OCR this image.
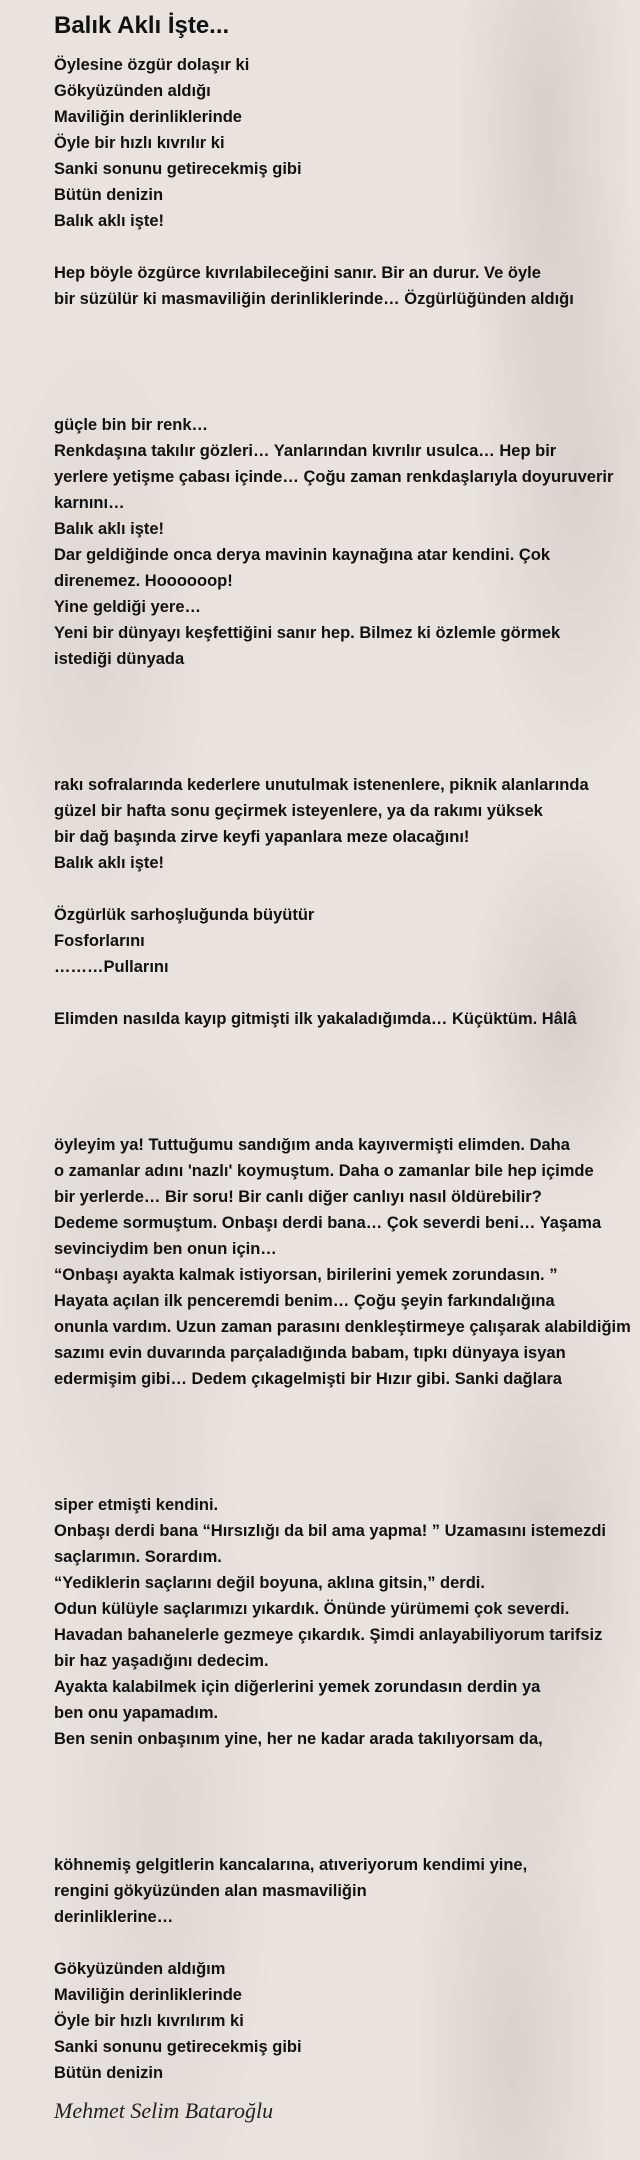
Balık Aklı İşte...
Öylesine özgür dolaşır ki
Gökyüzünden aldığı
Maviliğin derinliklerinde
Öyle bir hızlı kıvrılır ki
Sanki sonunu getirecekmiş gibi
Bütün denizin
Balık aklı işte!
Hep böyle özgürce kıvrılabileceğini sanır. Bir an durur. Ve öyle
bir süzülür ki masmaviliğin derinliklerinde… Özgürlüğünden aldığı
güçle bin bir renk…
Renkdaşına takılır gözleri… Yanlarından kıvrılır usulca… Hep bir
yerlere yetişme çabası içinde… Çoğu zaman renkdaşlarıyla doyuruverir
karnını…
Balık aklı işte!
Dar geldiğinde onca derya mavinin kaynağına atar kendini. Çok
direnemez. Hoooooop!
Yine geldiği yere…
Yeni bir dünyayı keşfettiğini sanır hep. Bilmez ki özlemle görmek
istediği dünyada
rakı sofralarında kederlere unutulmak istenenlere, piknik alanlarında
güzel bir hafta sonu geçirmek isteyenlere, ya da rakımı yüksek
bir dağ başında zirve keyfi yapanlara meze olacağını!
Balık aklı işte!
Özgürlük sarhoşluğunda büyütür
Fosforlarını
………Pullarını
Elimden nasılda kayıp gitmişti ilk yakaladığımda… Küçüktüm. Hâlâ
öyleyim ya! Tuttuğumu sandığım anda kayıvermişti elimden. Daha
o zamanlar adını 'nazlı' koymuştum. Daha o zamanlar bile hep içimde
bir yerlerde… Bir soru! Bir canlı diğer canlıyı nasıl öldürebilir?
Dedeme sormuştum. Onbaşı derdi bana… Çok severdi beni… Yaşama
sevinciydim ben onun için…
“Onbaşı ayakta kalmak istiyorsan, birilerini yemek zorundasın. ”
Hayata açılan ilk penceremdi benim… Çoğu şeyin farkındalığına
onunla vardım. Uzun zaman parasını denkleştirmeye çalışarak alabildiğim
sazımı evin duvarında parçaladığında babam, tıpkı dünyaya isyan
edermişim gibi… Dedem çıkagelmişti bir Hızır gibi. Sanki dağlara
siper etmişti kendini.
Onbaşı derdi bana “Hırsızlığı da bil ama yapma! ” Uzamasını istemezdi
saçlarımın. Sorardım.
“Yediklerin saçlarını değil boyuna, aklına gitsin,” derdi.
Odun külüyle saçlarımızı yıkardık. Önünde yürümemi çok severdi.
Havadan bahanelerle gezmeye çıkardık. Şimdi anlayabiliyorum tarifsiz
bir haz yaşadığını dedecim.
Ayakta kalabilmek için diğerlerini yemek zorundasın derdin ya
ben onu yapamadım.
Ben senin onbaşınım yine, her ne kadar arada takılıyorsam da,
köhnemiş gelgitlerin kancalarına, atıveriyorum kendimi yine,
rengini gökyüzünden alan masmaviliğin
derinliklerine…
Gökyüzünden aldığım
Maviliğin derinliklerinde
Öyle bir hızlı kıvrılırım ki
Sanki sonunu getirecekmiş gibi
Bütün denizin
Mehmet Selim Bataroğlu
